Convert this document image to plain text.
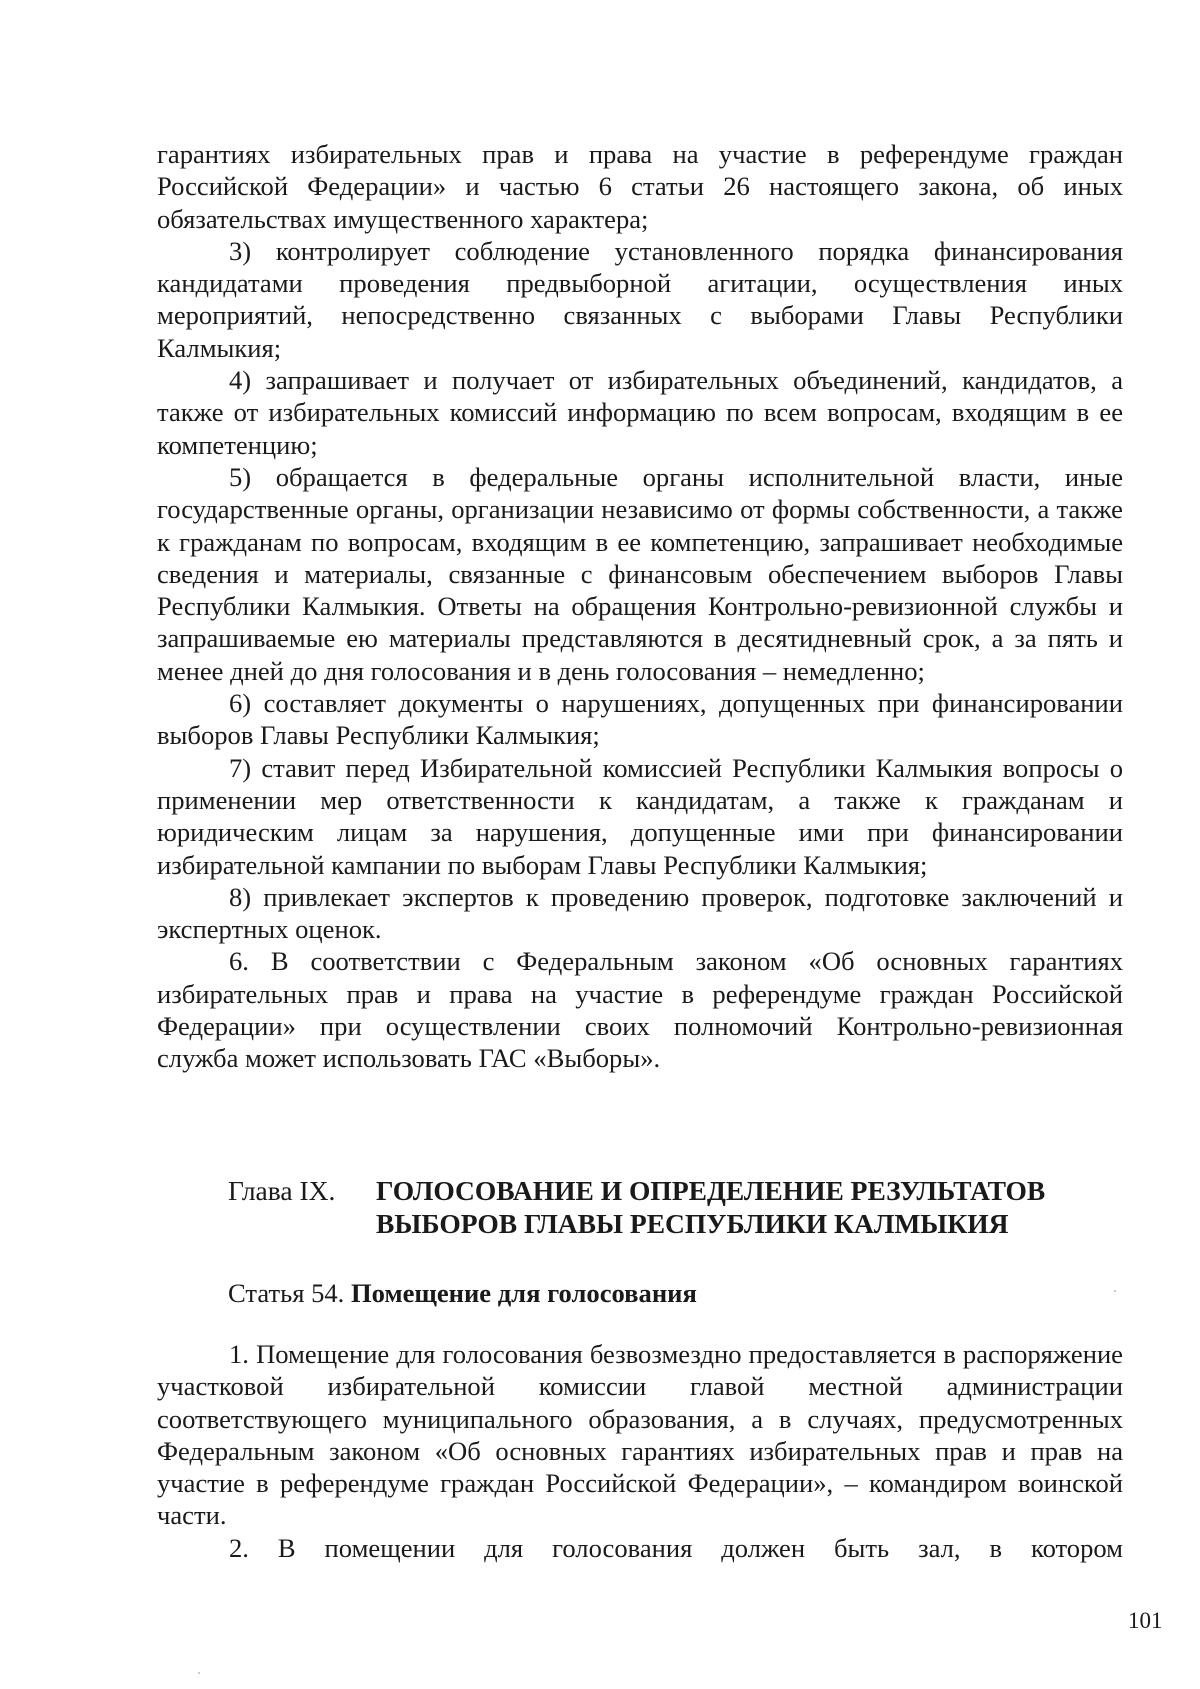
гарантиях избирательных прав и права на участие в референдуме граждан Российской Федерации» и частью 6 статьи 26 настоящего закона, об иных обязательствах имущественного характера;

3) контролирует соблюдение установленного порядка финансирования кандидатами проведения предвыборной агитации, осуществления иных мероприятий, непосредственно связанных с выборами Главы Республики Калмыкия;

4) запрашивает и получает от избирательных объединений, кандидатов, а также от избирательных комиссий информацию по всем вопросам, входящим в ее компетенцию;

5) обращается в федеральные органы исполнительной власти, иные государственные органы, организации независимо от формы собственности, а также к гражданам по вопросам, входящим в ее компетенцию, запрашивает необходимые сведения и материалы, связанные с финансовым обеспечением выборов Главы Республики Калмыкия. Ответы на обращения Контрольно-ревизионной службы и запрашиваемые ею материалы представляются в десятидневный срок, а за пять и менее дней до дня голосования и в день голосования – немедленно;

6) составляет документы о нарушениях, допущенных при финансировании выборов Главы Республики Калмыкия;

7) ставит перед Избирательной комиссией Республики Калмыкия вопросы о применении мер ответственности к кандидатам, а также к гражданам и юридическим лицам за нарушения, допущенные ими при финансировании избирательной кампании по выборам Главы Республики Калмыкия;

8) привлекает экспертов к проведению проверок, подготовке заключений и экспертных оценок.

6. В соответствии с Федеральным законом «Об основных гарантиях избирательных прав и права на участие в референдуме граждан Российской Федерации» при осуществлении своих полномочий Контрольно-ревизионная служба может использовать ГАС «Выборы».

Глава IX. ГОЛОСОВАНИЕ И ОПРЕДЕЛЕНИЕ РЕЗУЛЬТАТОВ
ВЫБОРОВ ГЛАВЫ РЕСПУБЛИКИ КАЛМЫКИЯ
Статья 54. Помещение для голосования

1. Помещение для голосования безвозмездно предоставляется в распоряжение участковой избирательной комиссии главой местной администрации соответствующего муниципального образования, а в случаях, предусмотренных Федеральным законом «Об основных гарантиях избирательных прав и прав на участие в референдуме граждан Российской Федерации», – командиром воинской части.

2. В помещении для голосования должен быть зал, в котором

101
